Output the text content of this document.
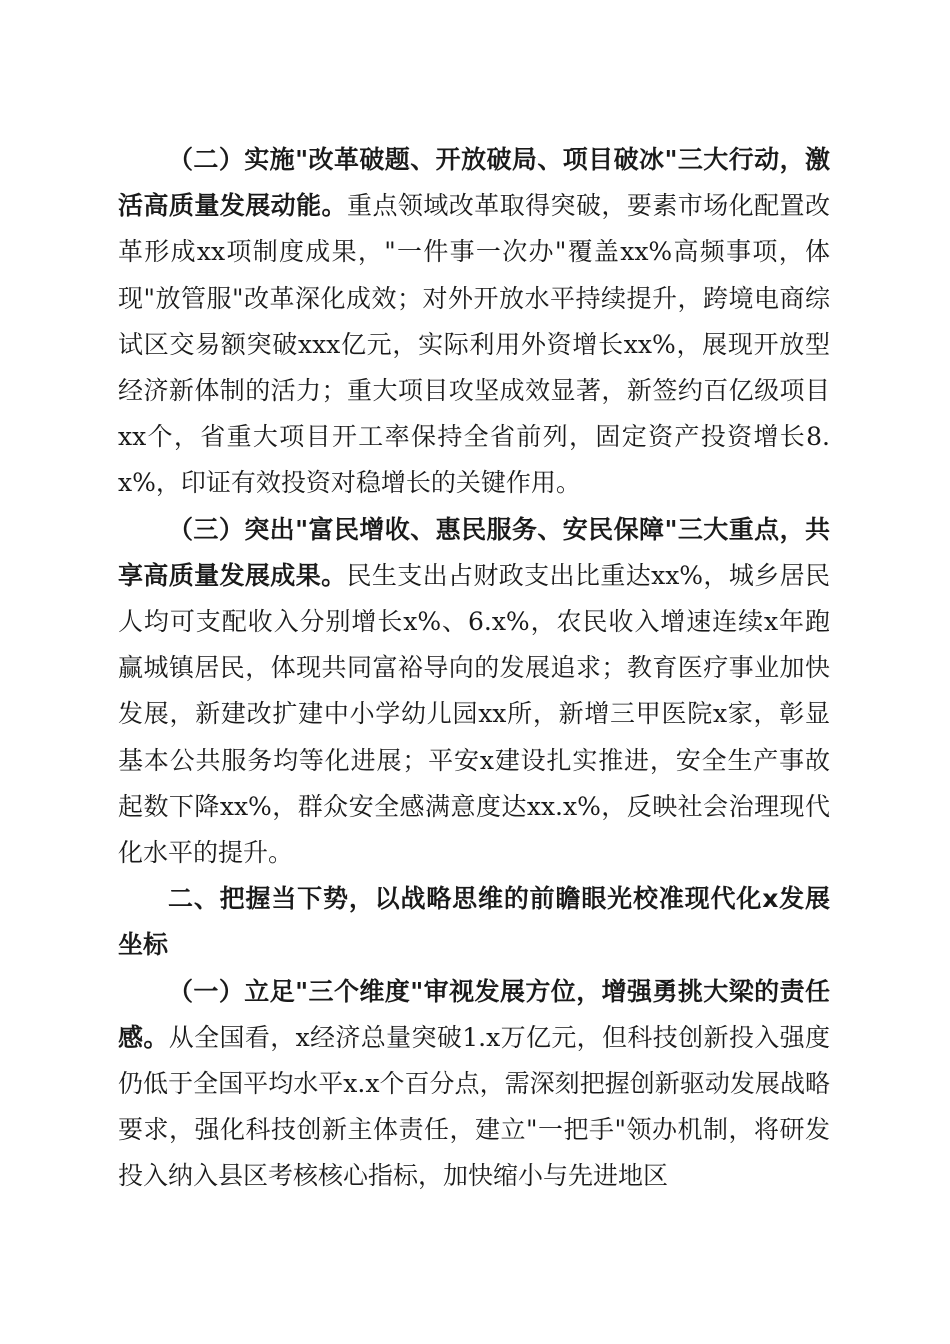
（二）实施"改革破题、开放破局、项目破冰"三大行动，激活高质量发展动能。重点领域改革取得突破，要素市场化配置改革形成xx项制度成果，"一件事一次办"覆盖xx%高频事项，体现"放管服"改革深化成效；对外开放水平持续提升，跨境电商综试区交易额突破xxx亿元，实际利用外资增长xx%，展现开放型经济新体制的活力；重大项目攻坚成效显著，新签约百亿级项目xx个，省重大项目开工率保持全省前列，固定资产投资增长8.x%，印证有效投资对稳增长的关键作用。

（三）突出"富民增收、惠民服务、安民保障"三大重点，共享高质量发展成果。民生支出占财政支出比重达xx%，城乡居民人均可支配收入分别增长x%、6.x%，农民收入增速连续x年跑赢城镇居民，体现共同富裕导向的发展追求；教育医疗事业加快发展，新建改扩建中小学幼儿园xx所，新增三甲医院x家，彰显基本公共服务均等化进展；平安x建设扎实推进，安全生产事故起数下降xx%，群众安全感满意度达xx.x%，反映社会治理现代化水平的提升。

二、把握当下势，以战略思维的前瞻眼光校准现代化x发展坐标

（一）立足"三个维度"审视发展方位，增强勇挑大梁的责任感。从全国看，x经济总量突破1.x万亿元，但科技创新投入强度仍低于全国平均水平x.x个百分点，需深刻把握创新驱动发展战略要求，强化科技创新主体责任，建立"一把手"领办机制，将研发投入纳入县区考核核心指标，加快缩小与先进地区
